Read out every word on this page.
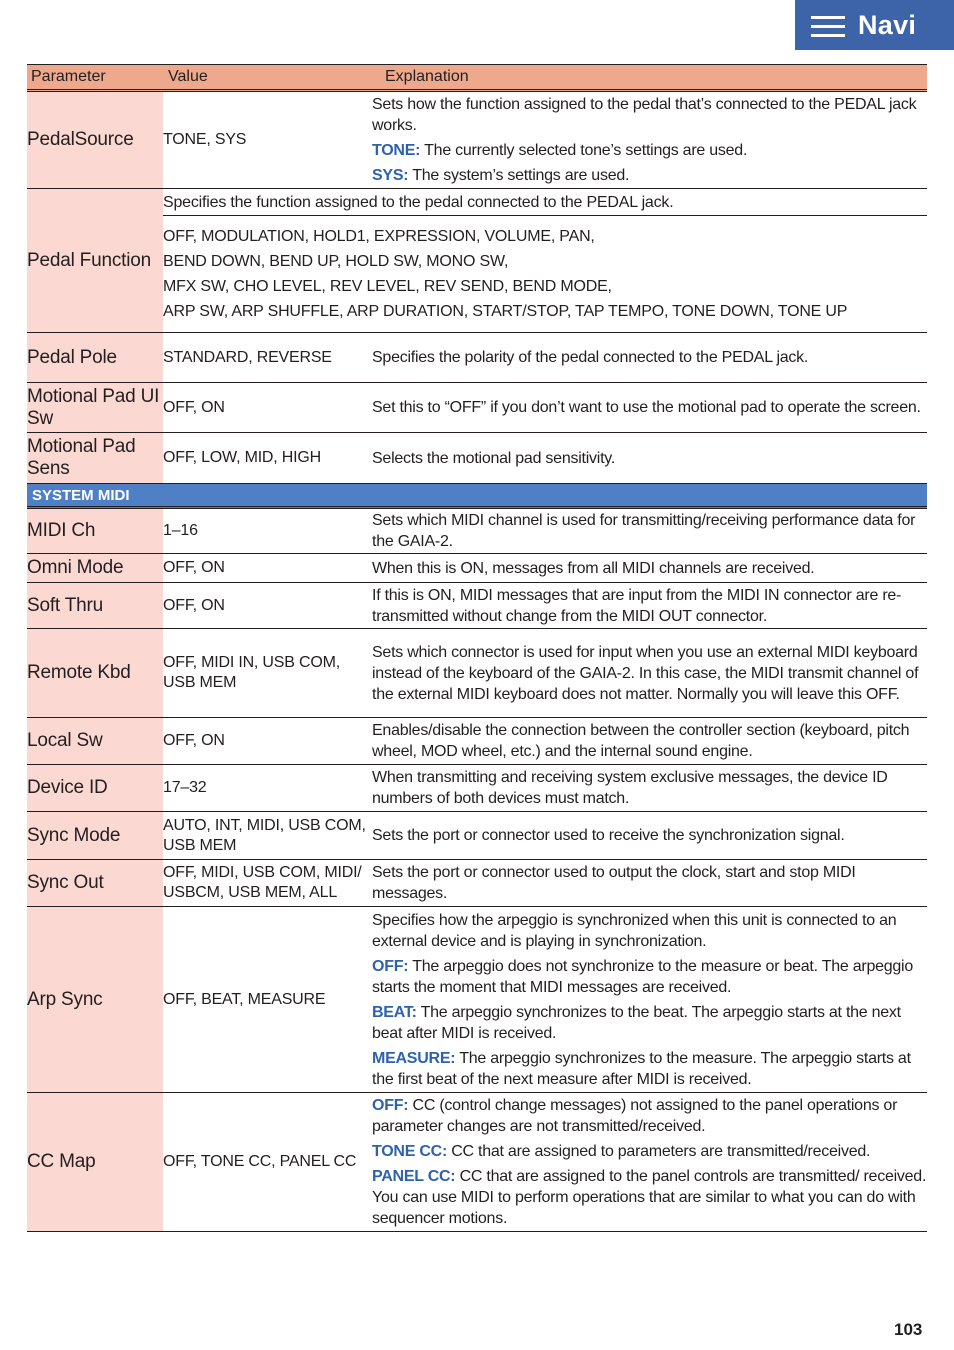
Navi
Parameter	Value	Explanation
PedalSource	TONE, SYS	Sets how the function assigned to the pedal that’s connected to the PEDAL jack works.
TONE: The currently selected tone’s settings are used.
SYS: The system’s settings are used.

Pedal Function	Specifies the function assigned to the pedal connected to the PEDAL jack.	

	OFF, MODULATION, HOLD1, EXPRESSION, VOLUME, PAN,
BEND DOWN, BEND UP, HOLD SW, MONO SW,
MFX SW, CHO LEVEL, REV LEVEL, REV SEND, BEND MODE,
ARP SW, ARP SHUFFLE, ARP DURATION, START/STOP, TAP TEMPO, TONE DOWN, TONE UP	

Pedal Pole	STANDARD, REVERSE	Specifies the polarity of the pedal connected to the PEDAL jack.
Motional Pad UI Sw	OFF, ON	Set this to “OFF” if you don’t want to use the motional pad to operate the screen.
Motional Pad Sens	OFF, LOW, MID, HIGH	Selects the motional pad sensitivity.
SYSTEM MIDI		
MIDI Ch	1–16	Sets which MIDI channel is used for transmitting/receiving performance data for the GAIA-2.
Omni Mode	OFF, ON	When this is ON, messages from all MIDI channels are received.
Soft Thru	OFF, ON	If this is ON, MIDI messages that are input from the MIDI IN connector are re-transmitted without change from the MIDI OUT connector.
Remote Kbd	OFF, MIDI IN, USB COM, USB MEM	Sets which connector is used for input when you use an external MIDI keyboard instead of the keyboard of the GAIA-2. In this case, the MIDI transmit channel of the external MIDI keyboard does not matter. Normally you will leave this OFF.
Local Sw	OFF, ON	Enables/disable the connection between the controller section (keyboard, pitch wheel, MOD wheel, etc.) and the internal sound engine.
Device ID	17–32	When transmitting and receiving system exclusive messages, the device ID numbers of both devices must match.
Sync Mode	AUTO, INT, MIDI, USB COM, USB MEM	Sets the port or connector used to receive the synchronization signal.
Sync Out	OFF, MIDI, USB COM, MIDI/ USBCM, USB MEM, ALL	Sets the port or connector used to output the clock, start and stop MIDI messages.
Arp Sync	OFF, BEAT, MEASURE	Specifies how the arpeggio is synchronized when this unit is connected to an external device and is playing in synchronization.
OFF: The arpeggio does not synchronize to the measure or beat. The arpeggio starts the moment that MIDI messages are received.
BEAT: The arpeggio synchronizes to the beat. The arpeggio starts at the next beat after MIDI is received.
MEASURE: The arpeggio synchronizes to the measure. The arpeggio starts at the first beat of the next measure after MIDI is received.

CC Map	OFF, TONE CC, PANEL CC	OFF: CC (control change messages) not assigned to the panel operations or parameter changes are not transmitted/received.
TONE CC: CC that are assigned to parameters are transmitted/received.
PANEL CC: CC that are assigned to the panel controls are transmitted/ received. You can use MIDI to perform operations that are similar to what you can do with sequencer motions.
103
